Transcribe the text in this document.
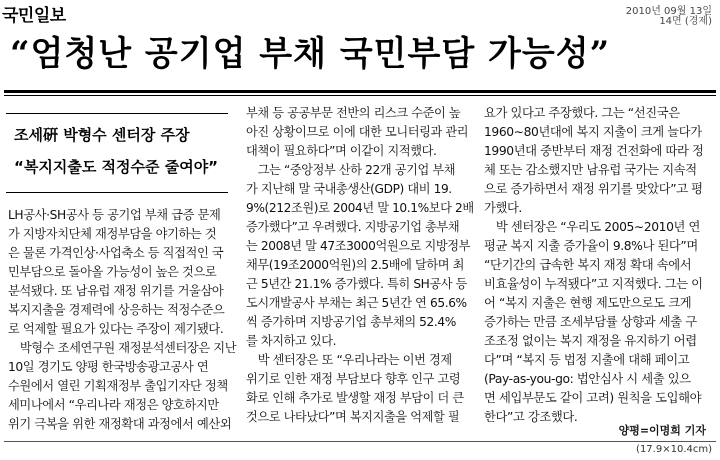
국민일보	2010년 09월 13일
14면 (경제)
“엄청난 공기업 부채 국민부담 가능성”
조세硏 박형수 센터장 주장
“복지지출도 적정수준 줄여야”
LH공사·SH공사 등 공기업 부채 급증 문제
가 지방자치단체 재정부담을 야기하는 것
은 물론 가격인상·사업축소 등 직접적인 국
민부담으로 돌아올 가능성이 높은 것으로
분석됐다. 또 남유럽 재정 위기를 거울삼아
복지지출을 경제력에 상응하는 적정수준으
로 억제할 필요가 있다는 주장이 제기됐다.
　박형수 조세연구원 재정분석센터장은 지난
10일 경기도 양평 한국방송광고공사 연
수원에서 열린 기획재정부 출입기자단 정책
세미나에서 “우리나라 재정은 양호하지만
위기 극복을 위한 재정확대 과정에서 예산외
부채 등 공공부문 전반의 리스크 수준이 높
아진 상황이므로 이에 대한 모니터링과 관리
대책이 필요하다”며 이같이 지적했다.
　그는 “중앙정부 산하 22개 공기업 부채
가 지난해 말 국내총생산(GDP) 대비 19.
9%(212조원)로 2004년 말 10.1%보다 2배
증가했다”고 우려했다. 지방공기업 총부채
는 2008년 말 47조3000억원으로 지방정부
채무(19조2000억원)의 2.5배에 달하며 최
근 5년간 21.1% 증가했다. 특히 SH공사 등
도시개발공사 부채는 최근 5년간 연 65.6%
씩 증가하며 지방공기업 총부채의 52.4%
를 차지하고 있다.
　박 센터장은 또 “우리나라는 이번 경제
위기로 인한 재정 부담보다 향후 인구 고령
화로 인해 추가로 발생할 재정 부담이 더 큰
것으로 나타났다”며 복지지출을 억제할 필
요가 있다고 주장했다. 그는 “선진국은
1960∼80년대에 복지 지출이 크게 늘다가
1990년대 중반부터 재정 건전화에 따라 정
체 또는 감소했지만 남유럽 국가는 지속적
으로 증가하면서 재정 위기를 맞았다”고 평
가했다.
　박 센터장은 “우리도 2005∼2010년 연
평균 복지 지출 증가율이 9.8%나 된다”며
“단기간의 급속한 복지 재정 확대 속에서
비효율성이 누적됐다”고 지적했다. 그는 이
어 “복지 지출은 현행 제도만으로도 크게
증가하는 만큼 조세부담률 상향과 세출 구
조조정 없이는 복지 재정을 유지하기 어렵
다”며 “복지 등 법정 지출에 대해 페이고
(Pay-as-you-go: 법안심사 시 세출 있으
면 세입부문도 같이 고려) 원칙을 도입해야
한다”고 강조했다.
양평=이명희 기자
(17.9×10.4cm)
